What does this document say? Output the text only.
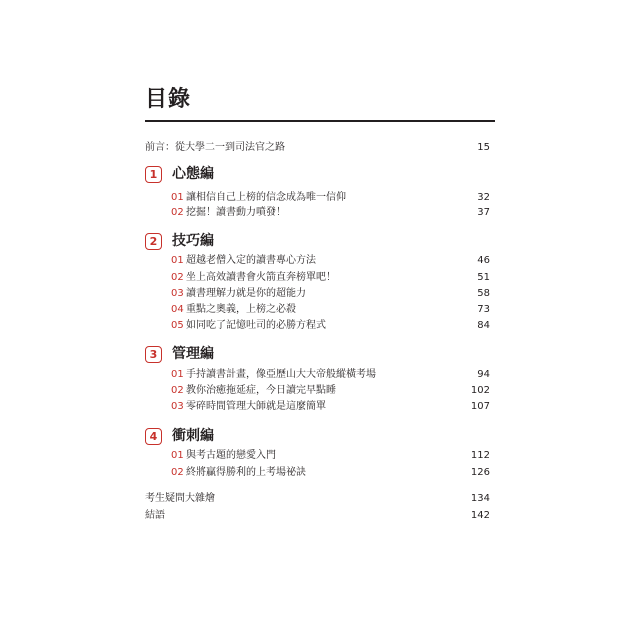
目錄
前言：從大學二一到司法官之路	15
1	心態編
01 讓相信自己上榜的信念成為唯一信仰	32
02 挖掘！讀書動力噴發！	37
2	技巧編
01 超越老僧入定的讀書專心方法	46
02 坐上高效讀書會火箭直奔榜單吧！	51
03 讀書理解力就是你的超能力	58
04 重點之奧義，上榜之必殺	73
05 如同吃了記憶吐司的必勝方程式	84
3	管理編
01 手持讀書計畫，像亞歷山大大帝般縱橫考場	94
02 教你治癒拖延症，今日讀完早點睡	102
03 零碎時間管理大師就是這麼簡單	107
4	衝刺編
01 與考古題的戀愛入門	112
02 終將贏得勝利的上考場祕訣	126
考生疑問大雜燴	134
結語	142
